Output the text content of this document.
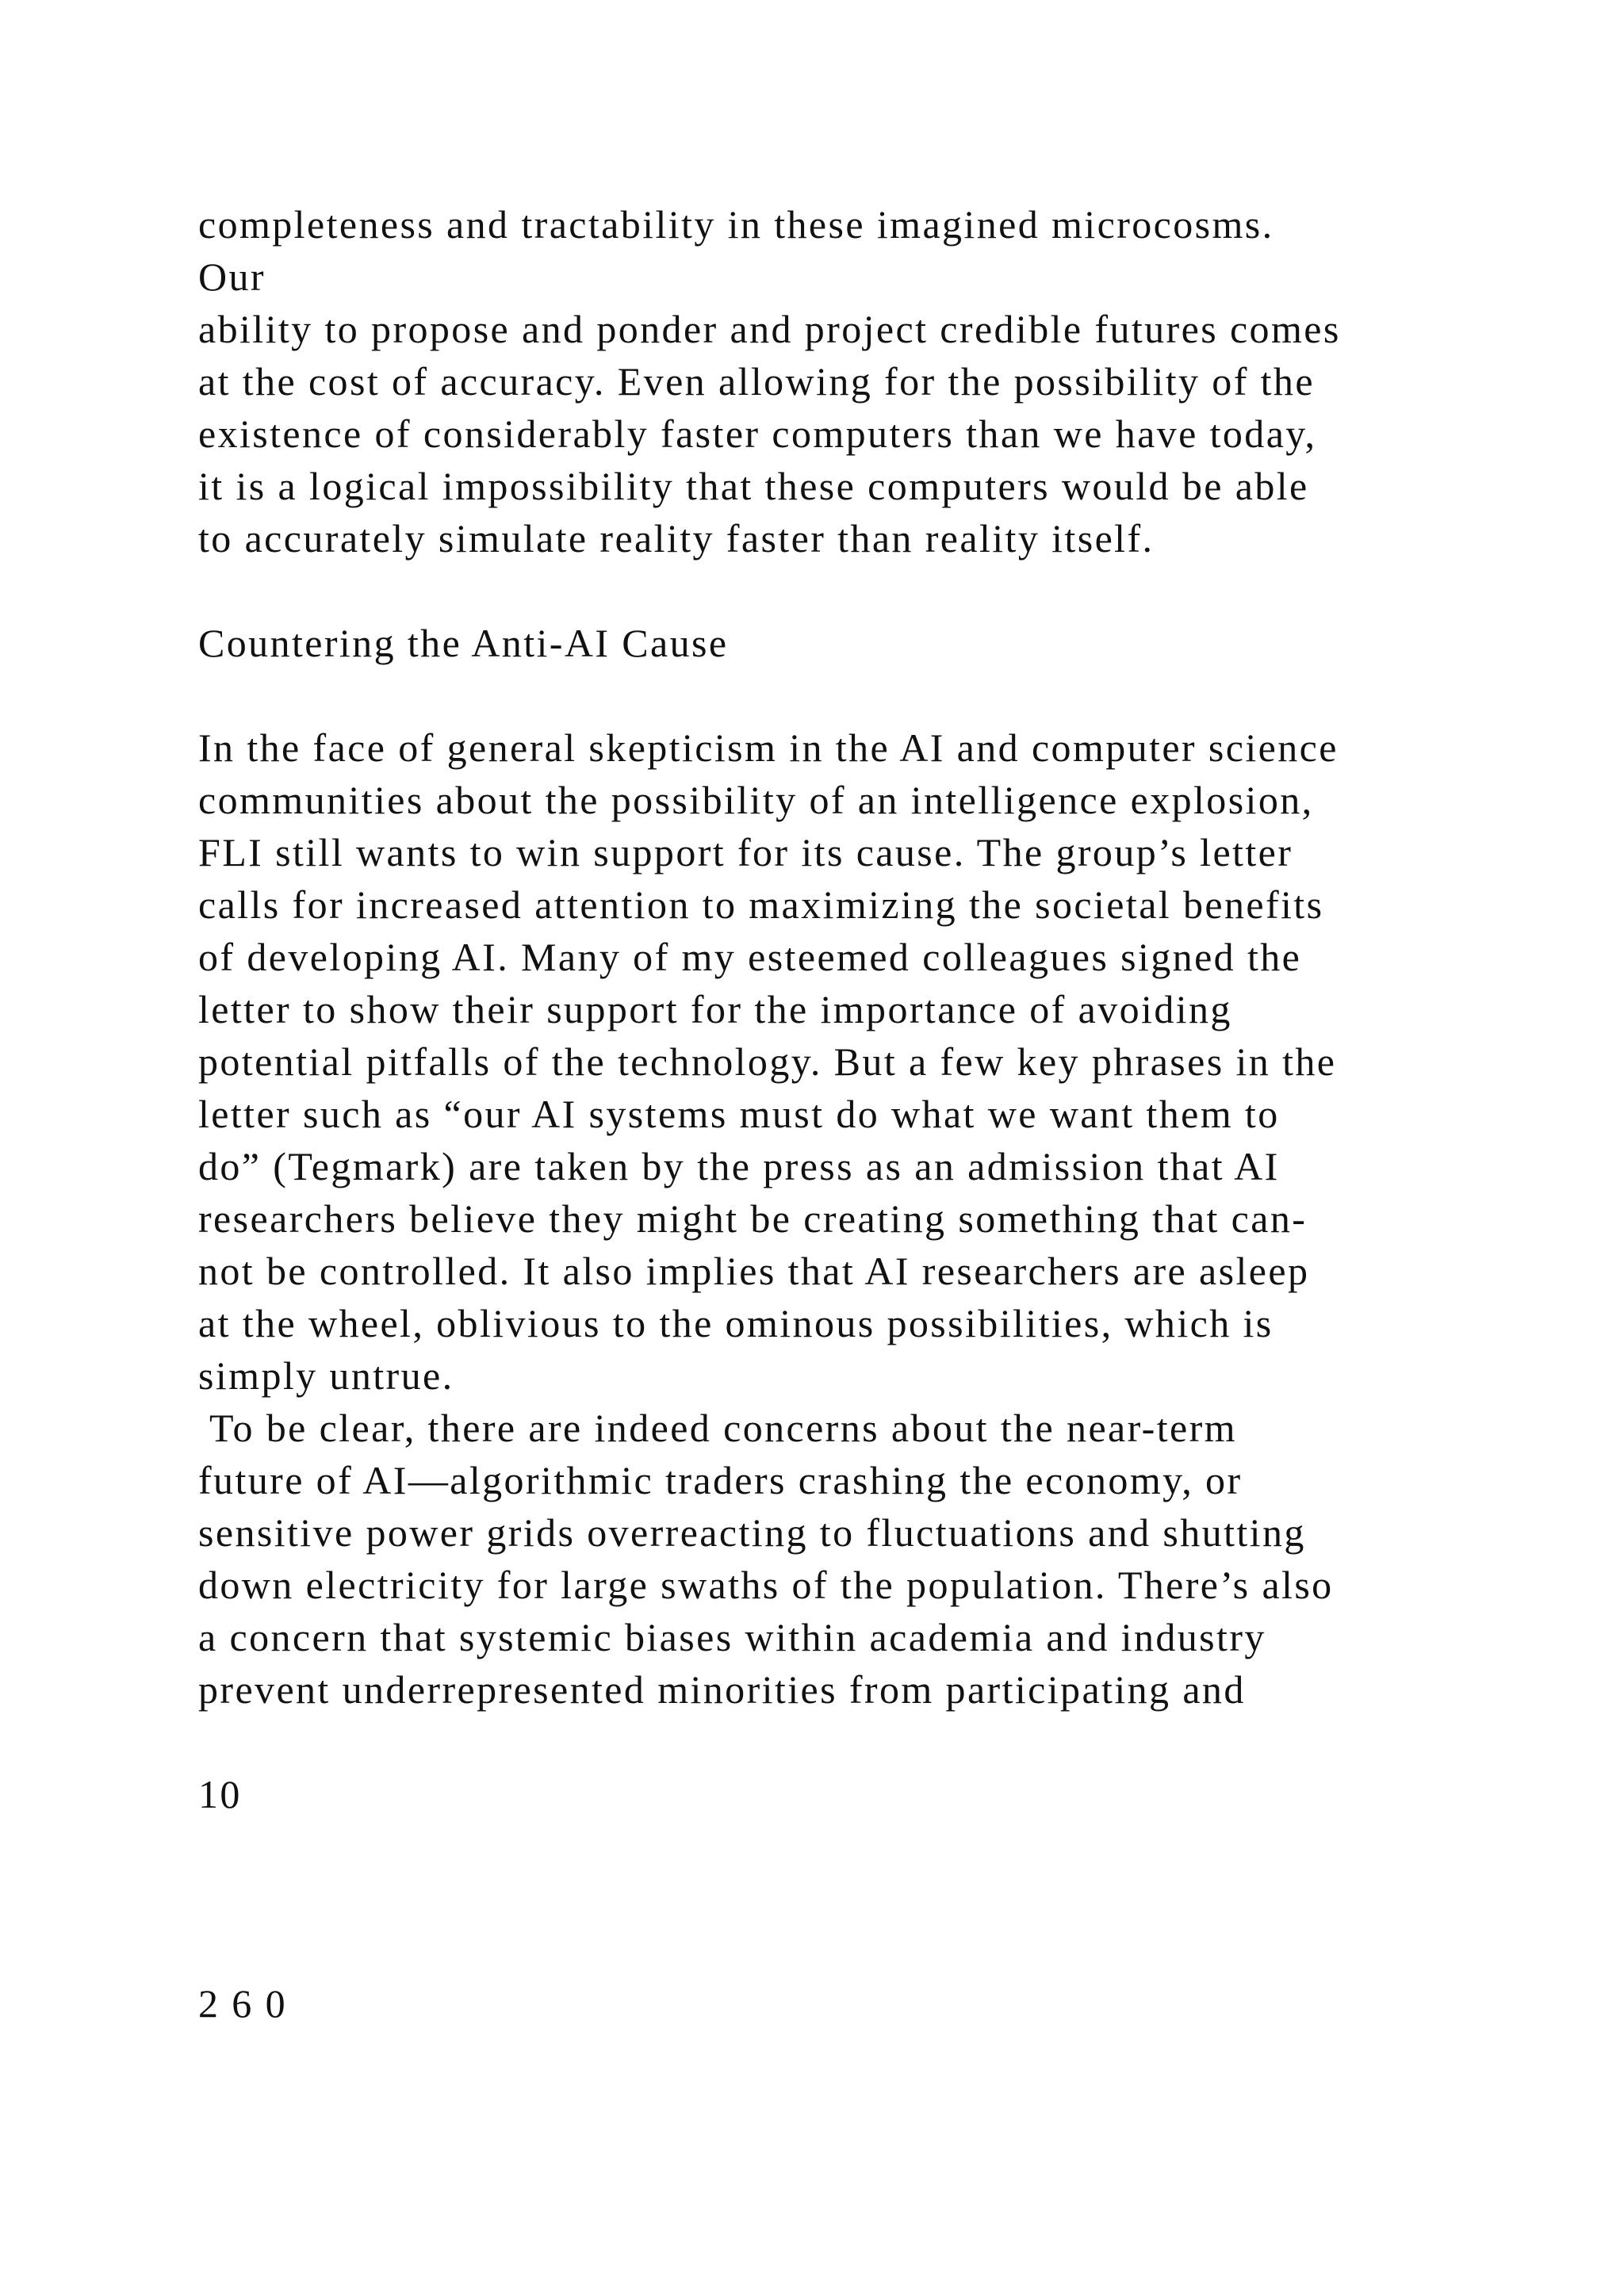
completeness and tractability in these imagined microcosms.

Our

ability to propose and ponder and project credible futures comes

at the cost of accuracy. Even allowing for the possibility of the

existence of considerably faster computers than we have today,

it is a logical impossibility that these computers would be able

to accurately simulate reality faster than reality itself.

Countering the Anti-AI Cause

In the face of general skepticism in the AI and computer science

communities about the possibility of an intelligence explosion,

FLI still wants to win support for its cause. The group’s letter

calls for increased attention to maximizing the societal benefits

of developing AI. Many of my esteemed colleagues signed the

letter to show their support for the importance of avoiding

potential pitfalls of the technology. But a few key phrases in the

letter such as “our AI systems must do what we want them to

do” (Tegmark) are taken by the press as an admission that AI

researchers believe they might be creating something that can-

not be controlled. It also implies that AI researchers are asleep

at the wheel, oblivious to the ominous possibilities, which is

simply untrue.

To be clear, there are indeed concerns about the near-term

future of AI—algorithmic traders crashing the economy, or

sensitive power grids overreacting to fluctuations and shutting

down electricity for large swaths of the population. There’s also

a concern that systemic biases within academia and industry

prevent underrepresented minorities from participating and

10

2 6 0
